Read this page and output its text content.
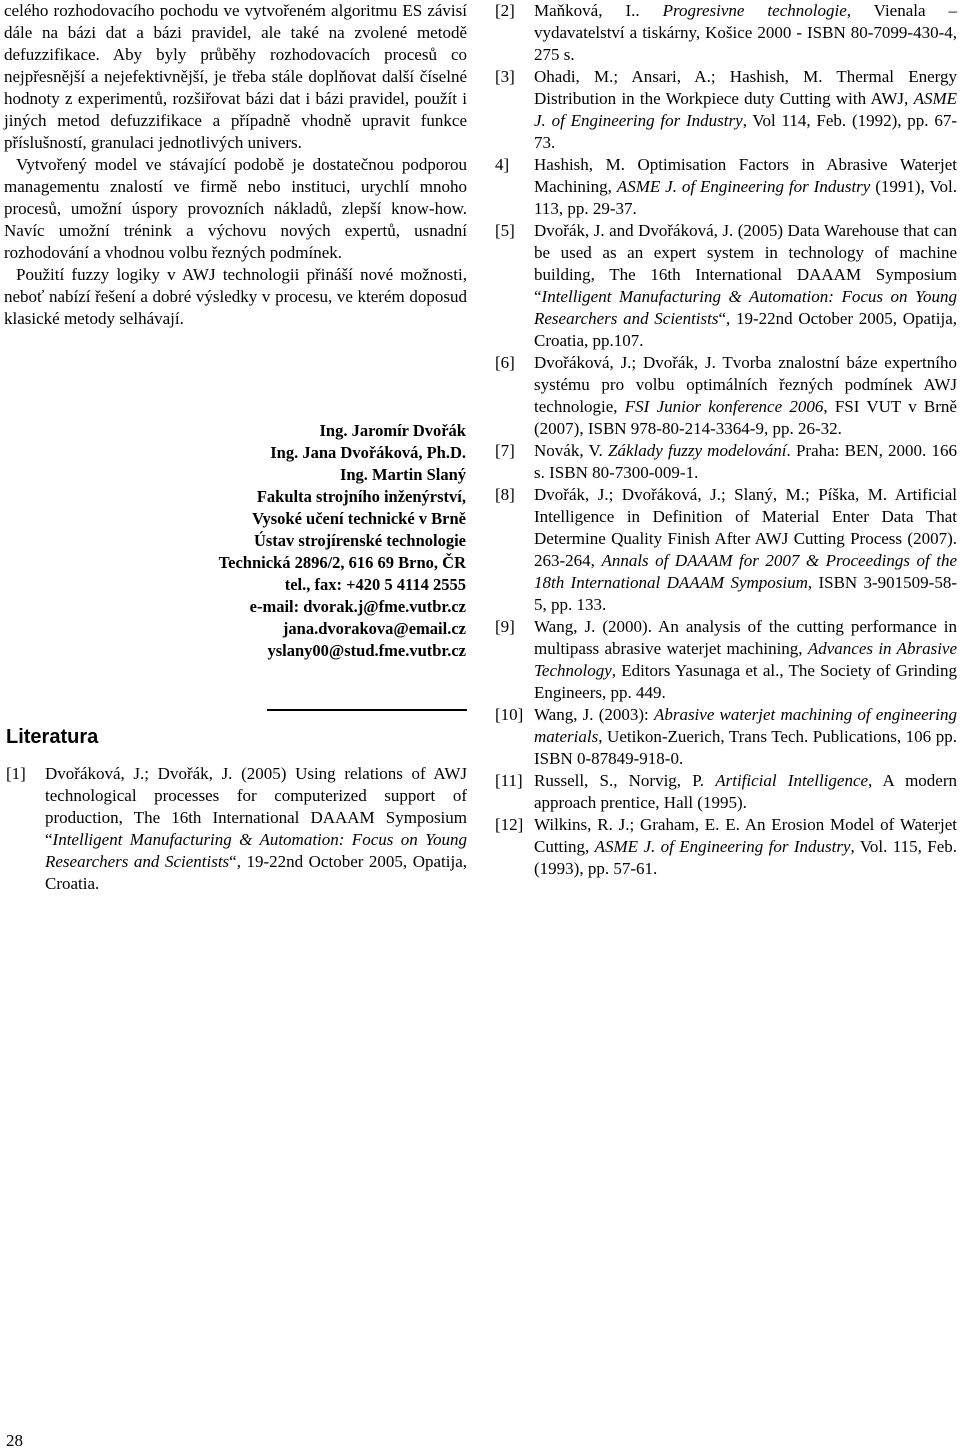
celého rozhodovacího pochodu ve vytvořeném algoritmu ES závisí dále na bázi dat a bázi pravidel, ale také na zvolené metodě defuzzifikace. Aby byly průběhy rozhodovacích procesů co nejpřesnější a nejefektivnější, je třeba stále doplňovat další číselné hodnoty z experimentů, rozšiřovat bázi dat i bázi pravidel, použít i jiných metod defuzzifikace a případně vhodně upravit funkce příslušností, granulaci jednotlivých univers.

Vytvořený model ve stávající podobě je dostatečnou podporou managementu znalostí ve firmě nebo instituci, urychlí mnoho procesů, umožní úspory provozních nákladů, zlepší know-how. Navíc umožní trénink a výchovu nových expertů, usnadní rozhodování a vhodnou volbu řezných podmínek.

Použití fuzzy logiky v AWJ technologii přináší nové možnosti, neboť nabízí řešení a dobré výsledky v procesu, ve kterém doposud klasické metody selhávají.

Ing. Jaromír Dvořák
Ing. Jana Dvořáková, Ph.D.
Ing. Martin Slaný
Fakulta strojního inženýrství,
Vysoké učení technické v Brně
Ústav strojírenské technologie
Technická 2896/2, 616 69 Brno, ČR
tel., fax: +420 5 4114 2555
e-mail: dvorak.j@fme.vutbr.cz
jana.dvorakova@email.cz
yslany00@stud.fme.vutbr.cz
Literatura
[1]	Dvořáková, J.; Dvořák, J. (2005) Using relations of AWJ technological processes for computerized support of production, The 16th International DAAAM Symposium “Intelligent Manufacturing & Automation: Focus on Young Researchers and Scientists“, 19-22nd October 2005, Opatija, Croatia.
[2]	Maňková, I.. Progresivne technologie, Vienala – vydavatelství a tiskárny, Košice 2000 - ISBN 80-7099-430-4, 275 s.
[3]	Ohadi, M.; Ansari, A.; Hashish, M. Thermal Energy Distribution in the Workpiece duty Cutting with AWJ, ASME J. of Engineering for Industry, Vol 114, Feb. (1992), pp. 67-73.
4]	Hashish, M. Optimisation Factors in Abrasive Waterjet Machining, ASME J. of Engineering for Industry (1991), Vol. 113, pp. 29-37.
[5]	Dvořák, J. and Dvořáková, J. (2005) Data Warehouse that can be used as an expert system in technology of machine building, The 16th International DAAAM Symposium “Intelligent Manufacturing & Automation: Focus on Young Researchers and Scientists“, 19-22nd October 2005, Opatija, Croatia, pp.107.
[6]	Dvořáková, J.; Dvořák, J. Tvorba znalostní báze expertního systému pro volbu optimálních řezných podmínek AWJ technologie, FSI Junior konference 2006, FSI VUT v Brně (2007), ISBN 978-80-214-3364-9, pp. 26-32.
[7]	Novák, V. Základy fuzzy modelování. Praha: BEN, 2000. 166 s. ISBN 80-7300-009-1.
[8]	Dvořák, J.; Dvořáková, J.; Slaný, M.; Píška, M. Artificial Intelligence in Definition of Material Enter Data That Determine Quality Finish After AWJ Cutting Process (2007). 263-264, Annals of DAAAM for 2007 & Proceedings of the 18th International DAAAM Symposium, ISBN 3-901509-58-5, pp. 133.
[9]	Wang, J. (2000). An analysis of the cutting performance in multipass abrasive waterjet machining, Advances in Abrasive Technology, Editors Yasunaga et al., The Society of Grinding Engineers, pp. 449.
[10] Wang, J. (2003): Abrasive waterjet machining of engineering materials, Uetikon-Zuerich, Trans Tech. Publications, 106 pp. ISBN 0-87849-918-0.
[11] Russell, S., Norvig, P. Artificial Intelligence, A modern approach prentice, Hall (1995).
[12] Wilkins, R. J.; Graham, E. E. An Erosion Model of Waterjet Cutting, ASME J. of Engineering for Industry, Vol. 115, Feb. (1993), pp. 57-61.
28
